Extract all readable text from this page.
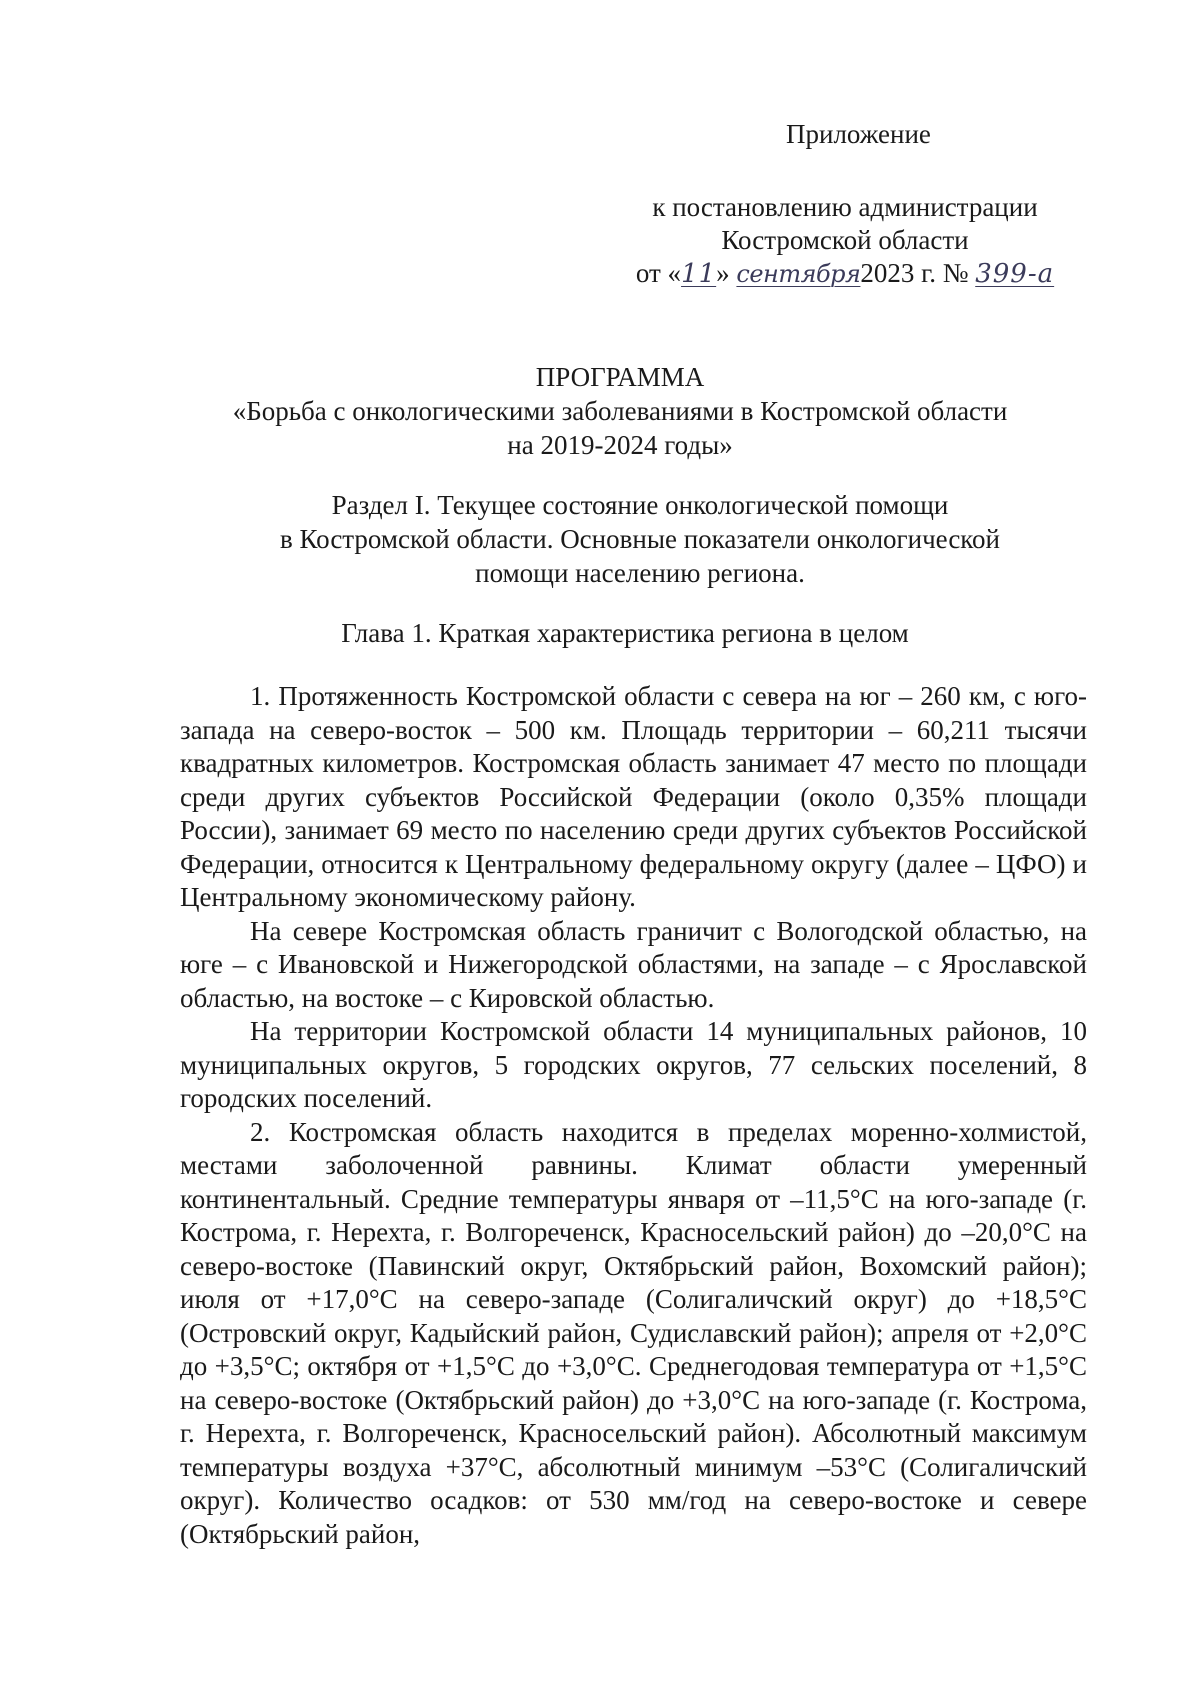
Приложение
к постановлению администрации
Костромской области
от «11» сентября2023 г. № 399-а
ПРОГРАММА
«Борьба с онкологическими заболеваниями в Костромской области
на 2019-2024 годы»
Раздел I. Текущее состояние онкологической помощи
в Костромской области. Основные показатели онкологической
помощи населению региона.
Глава 1. Краткая характеристика региона в целом

1. Протяженность Костромской области с севера на юг – 260 км, с юго-запада на северо-восток – 500 км. Площадь территории – 60,211 тысячи квадратных километров. Костромская область занимает 47 место по площади среди других субъектов Российской Федерации (около 0,35% площади России), занимает 69 место по населению среди других субъектов Российской Федерации, относится к Центральному федеральному округу (далее – ЦФО) и Центральному экономическому району.

На севере Костромская область граничит с Вологодской областью, на юге – с Ивановской и Нижегородской областями, на западе – с Ярославской областью, на востоке – с Кировской областью.

На территории Костромской области 14 муниципальных районов, 10 муниципальных округов, 5 городских округов, 77 сельских поселений, 8 городских поселений.

2. Костромская область находится в пределах моренно-холмистой, местами заболоченной равнины. Климат области умеренный континентальный. Средние температуры января от –11,5°С на юго-западе (г. Кострома, г. Нерехта, г. Волгореченск, Красносельский район) до –20,0°С на северо-востоке (Павинский округ, Октябрьский район, Вохомский район); июля от +17,0°С на северо-западе (Солигаличский округ) до +18,5°С (Островский округ, Кадыйский район, Судиславский район); апреля от +2,0°С до +3,5°С; октября от +1,5°С до +3,0°С. Среднегодовая температура от +1,5°С на северо-востоке (Октябрьский район) до +3,0°С на юго-западе (г. Кострома, г. Нерехта, г. Волгореченск, Красносельский район). Абсолютный максимум температуры воздуха +37°С, абсолютный минимум –53°С (Солигаличский округ). Количество осадков: от 530 мм/год на северо-востоке и севере (Октябрьский район,
